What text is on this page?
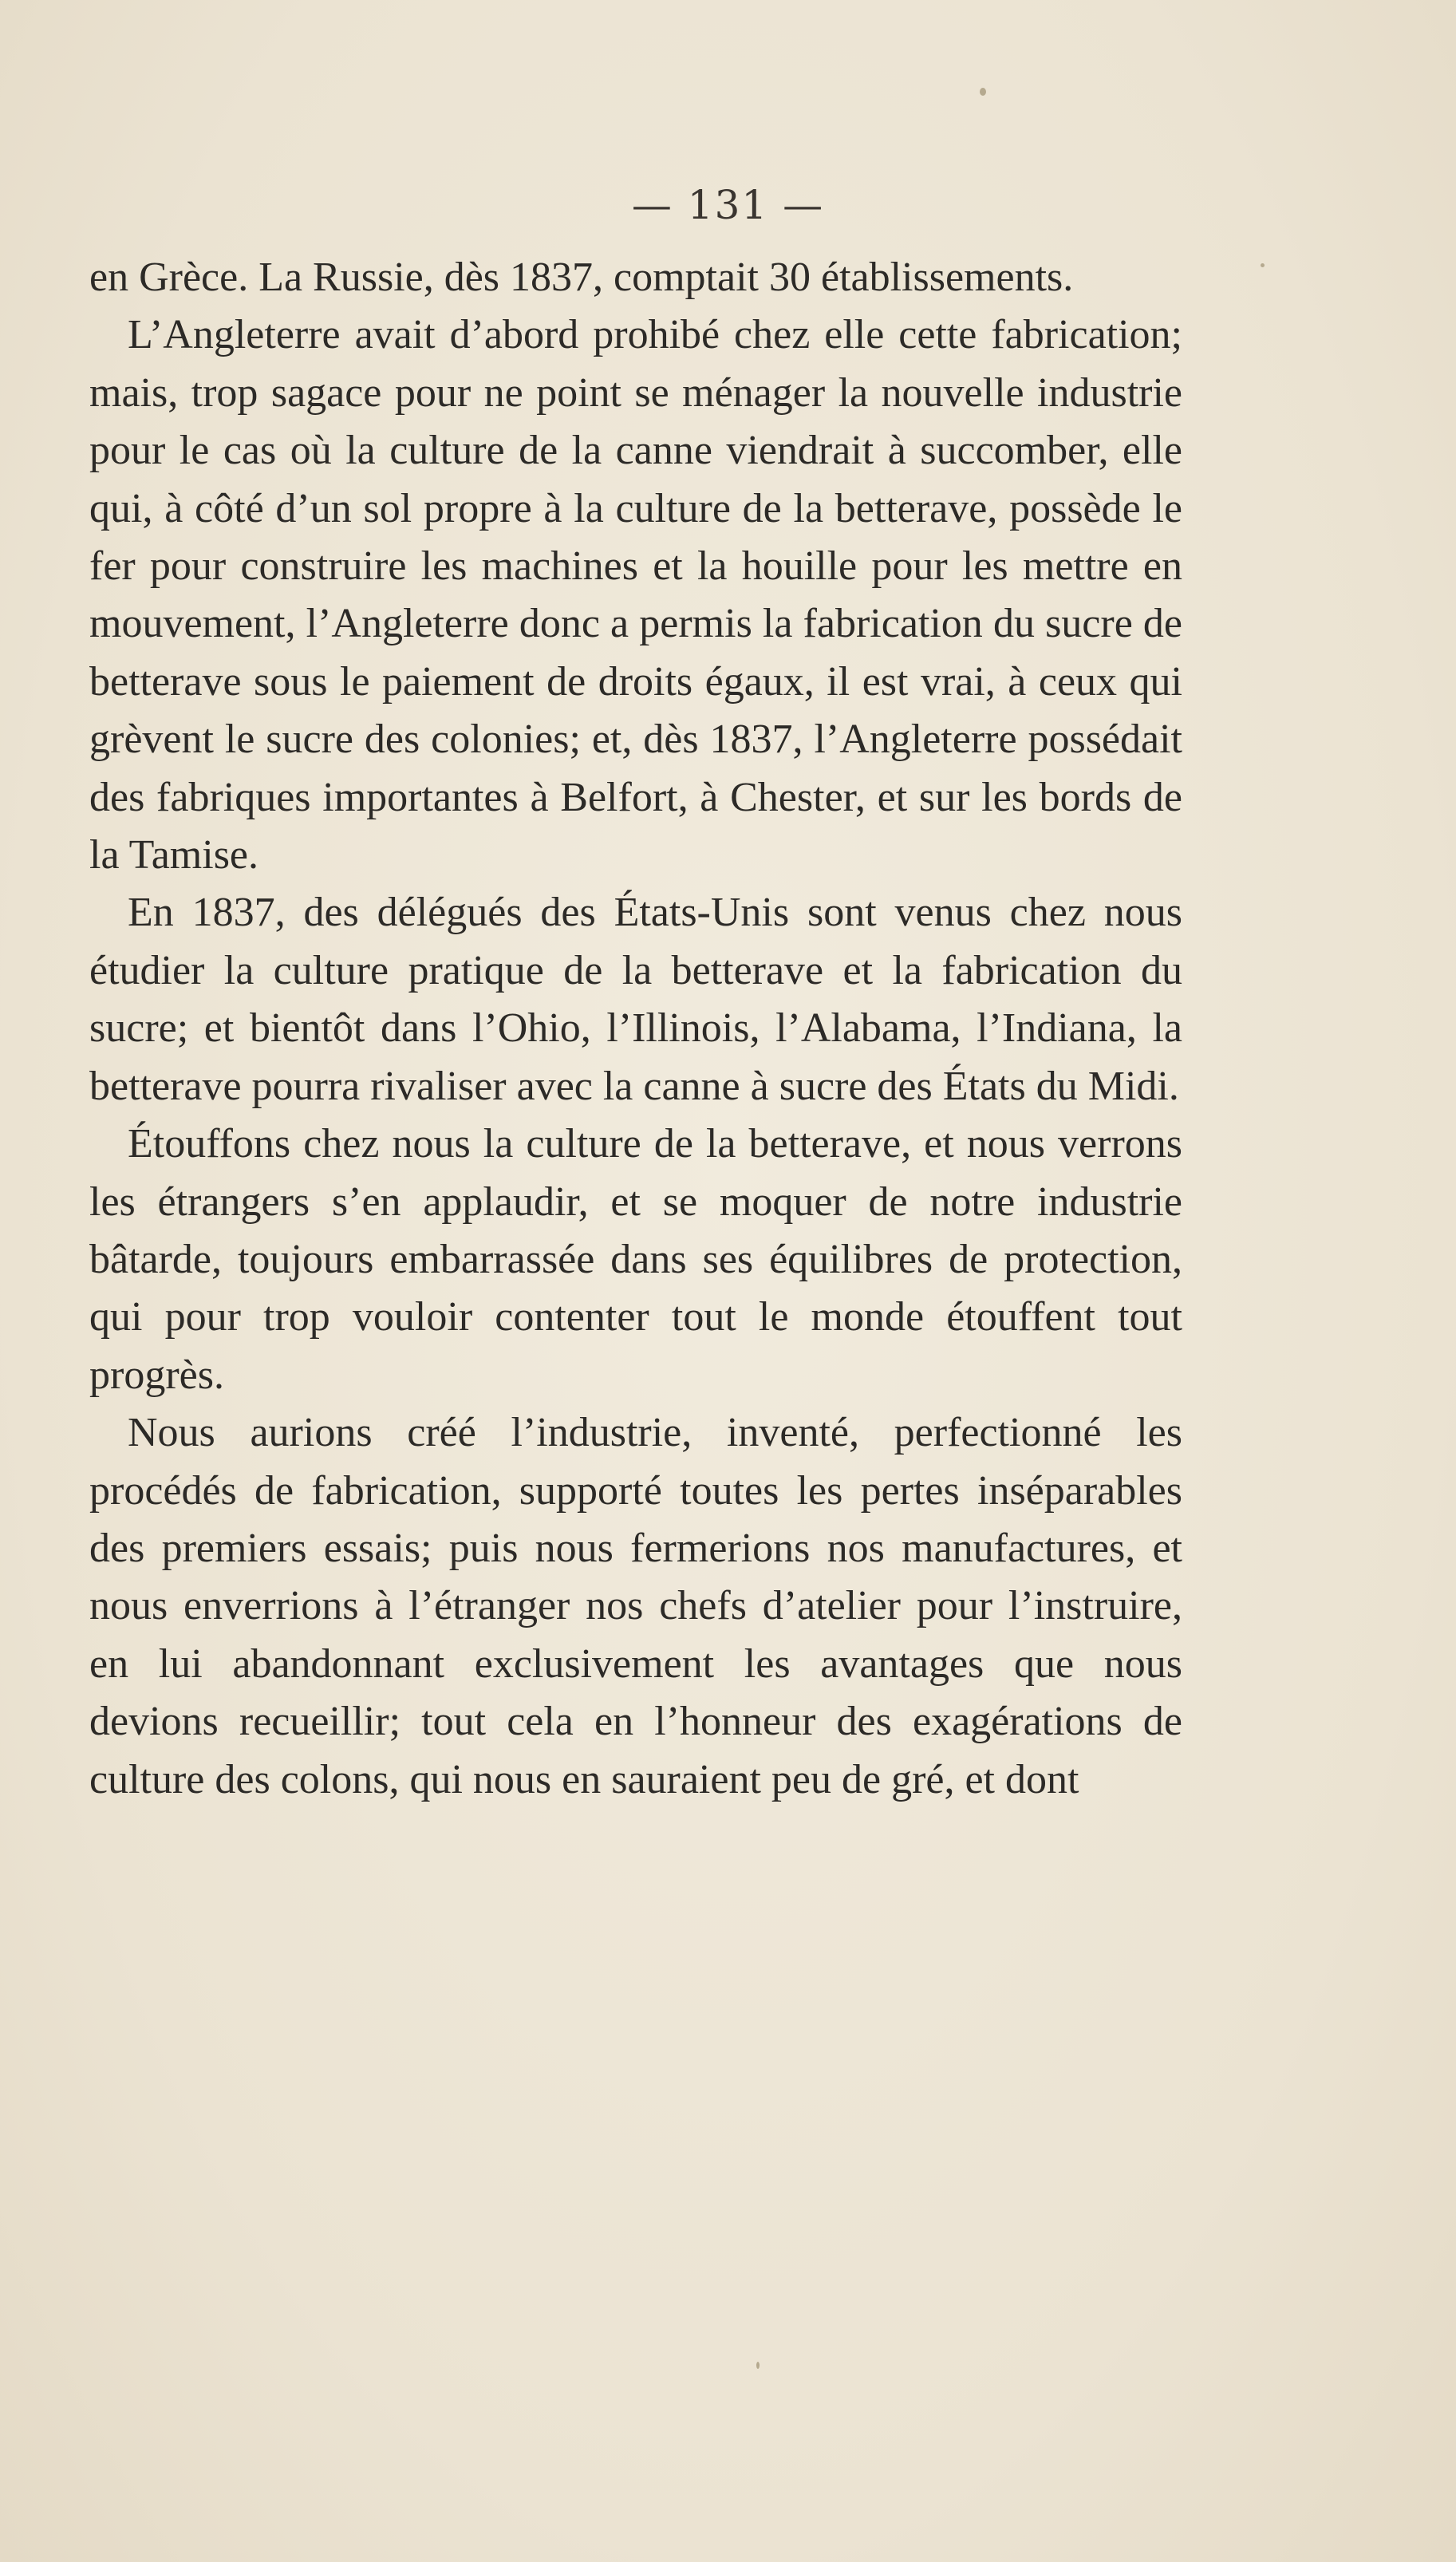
— 131 —

en Grèce. La Russie, dès 1837, comptait 30 établissements.

L’Angleterre avait d’abord prohibé chez elle cette fabrication; mais, trop sagace pour ne point se ménager la nouvelle industrie pour le cas où la culture de la canne viendrait à succomber, elle qui, à côté d’un sol propre à la culture de la betterave, possède le fer pour construire les machines et la houille pour les mettre en mouvement, l’Angleterre donc a permis la fabrication du sucre de betterave sous le paiement de droits égaux, il est vrai, à ceux qui grèvent le sucre des colonies; et, dès 1837, l’Angleterre possédait des fabriques importantes à Belfort, à Chester, et sur les bords de la Tamise.

En 1837, des délégués des États-Unis sont venus chez nous étudier la culture pratique de la betterave et la fabrication du sucre; et bientôt dans l’Ohio, l’Illinois, l’Alabama, l’Indiana, la betterave pourra rivaliser avec la canne à sucre des États du Midi.

Étouffons chez nous la culture de la betterave, et nous verrons les étrangers s’en applaudir, et se moquer de notre industrie bâtarde, toujours embarrassée dans ses équilibres de protection, qui pour trop vouloir contenter tout le monde étouffent tout progrès.

Nous aurions créé l’industrie, inventé, perfectionné les procédés de fabrication, supporté toutes les pertes inséparables des premiers essais; puis nous fermerions nos manufactures, et nous enverrions à l’étranger nos chefs d’atelier pour l’instruire, en lui abandonnant exclusivement les avantages que nous devions recueillir; tout cela en l’honneur des exagérations de culture des colons, qui nous en sauraient peu de gré, et dont
